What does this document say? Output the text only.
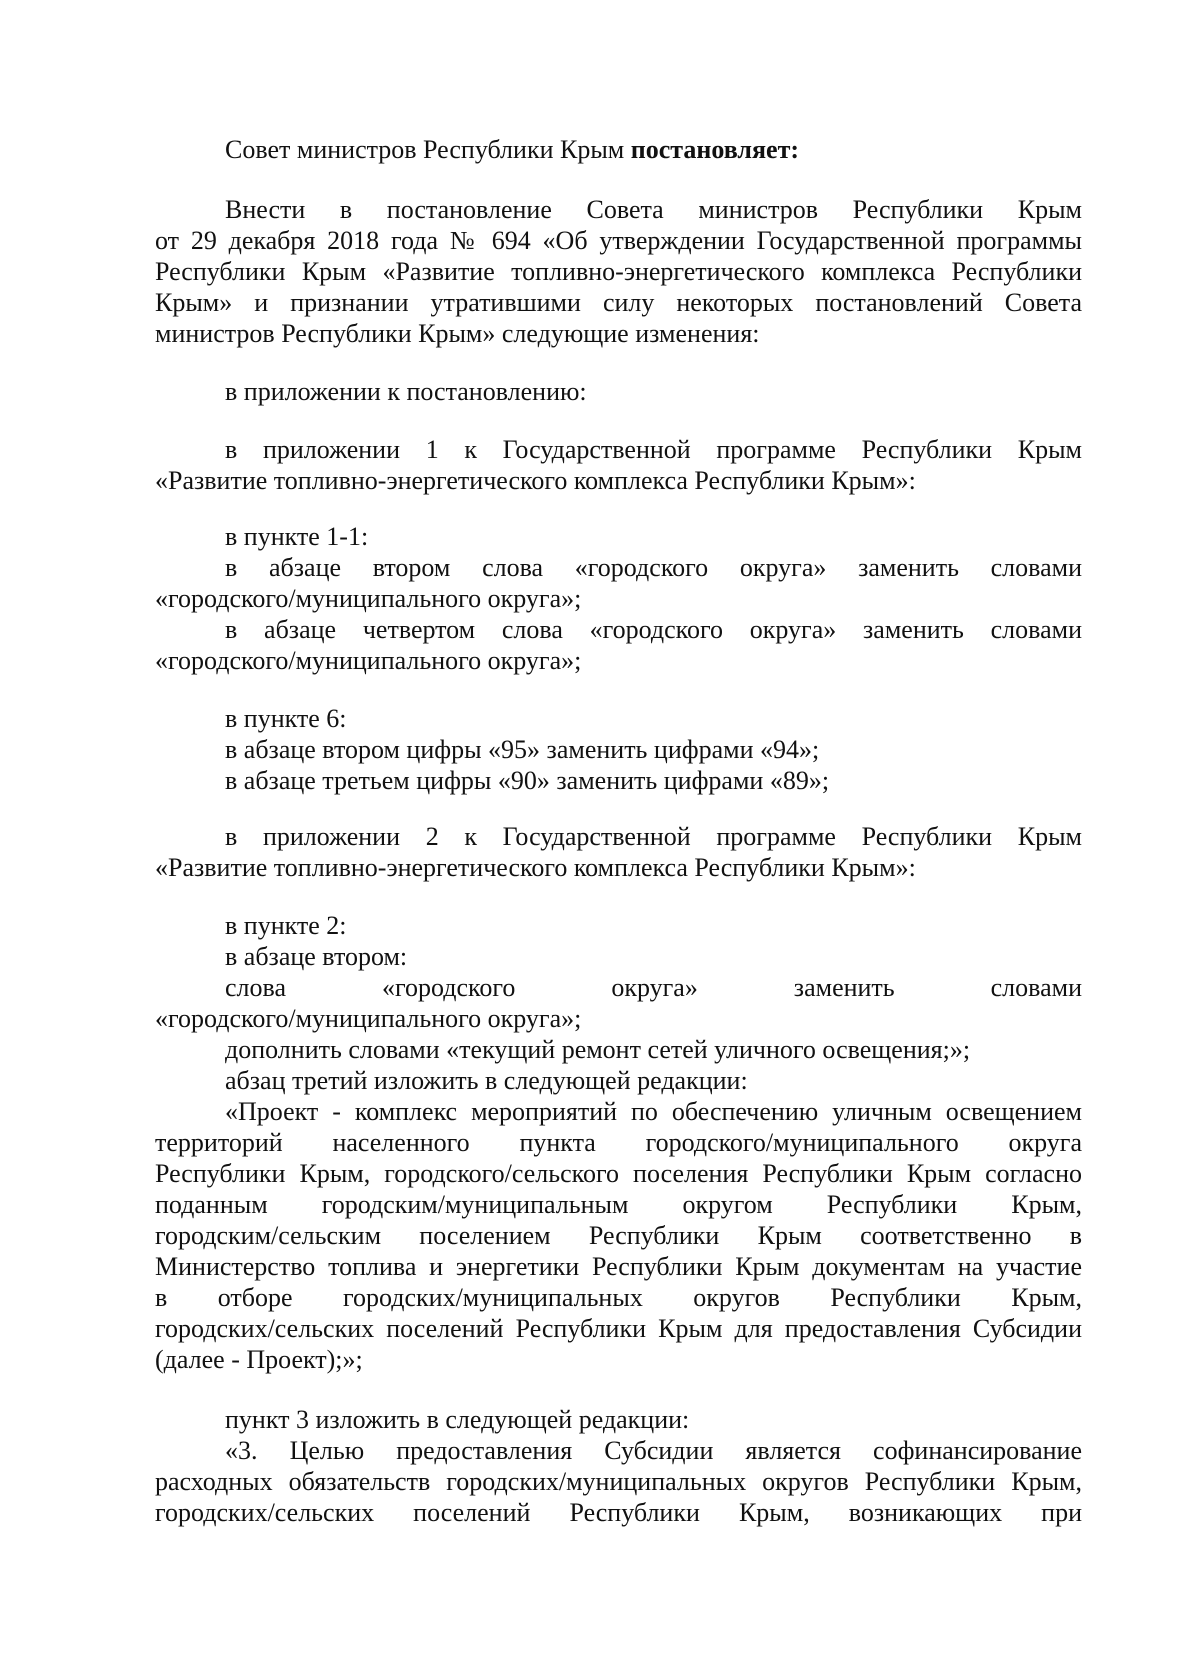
Совет министров Республики Крым постановляет:
Внести в постановление Совета министров Республики Крым
от 29 декабря 2018 года № 694 «Об утверждении Государственной программы
Республики Крым «Развитие топливно-энергетического комплекса Республики
Крым» и признании утратившими силу некоторых постановлений Совета
министров Республики Крым» следующие изменения:
в приложении к постановлению:
в приложении 1 к Государственной программе Республики Крым
«Развитие топливно-энергетического комплекса Республики Крым»:
в пункте 1-1:
в абзаце втором слова «городского округа» заменить словами
«городского/муниципального округа»;
в абзаце четвертом слова «городского округа» заменить словами
«городского/муниципального округа»;
в пункте 6:
в абзаце втором цифры «95» заменить цифрами «94»;
в абзаце третьем цифры «90» заменить цифрами «89»;
в приложении 2 к Государственной программе Республики Крым
«Развитие топливно-энергетического комплекса Республики Крым»:
в пункте 2:
в абзаце втором:
слова «городского округа» заменить словами
«городского/муниципального округа»;
дополнить словами «текущий ремонт сетей уличного освещения;»;
абзац третий изложить в следующей редакции:
«Проект - комплекс мероприятий по обеспечению уличным освещением
территорий населенного пункта городского/муниципального округа
Республики Крым, городского/сельского поселения Республики Крым согласно
поданным городским/муниципальным округом Республики Крым,
городским/сельским поселением Республики Крым соответственно в
Министерство топлива и энергетики Республики Крым документам на участие
в отборе городских/муниципальных округов Республики Крым,
городских/сельских поселений Республики Крым для предоставления Субсидии
(далее - Проект);»;
пункт 3 изложить в следующей редакции:
«3. Целью предоставления Субсидии является софинансирование
расходных обязательств городских/муниципальных округов Республики Крым,
городских/сельских поселений Республики Крым, возникающих при
